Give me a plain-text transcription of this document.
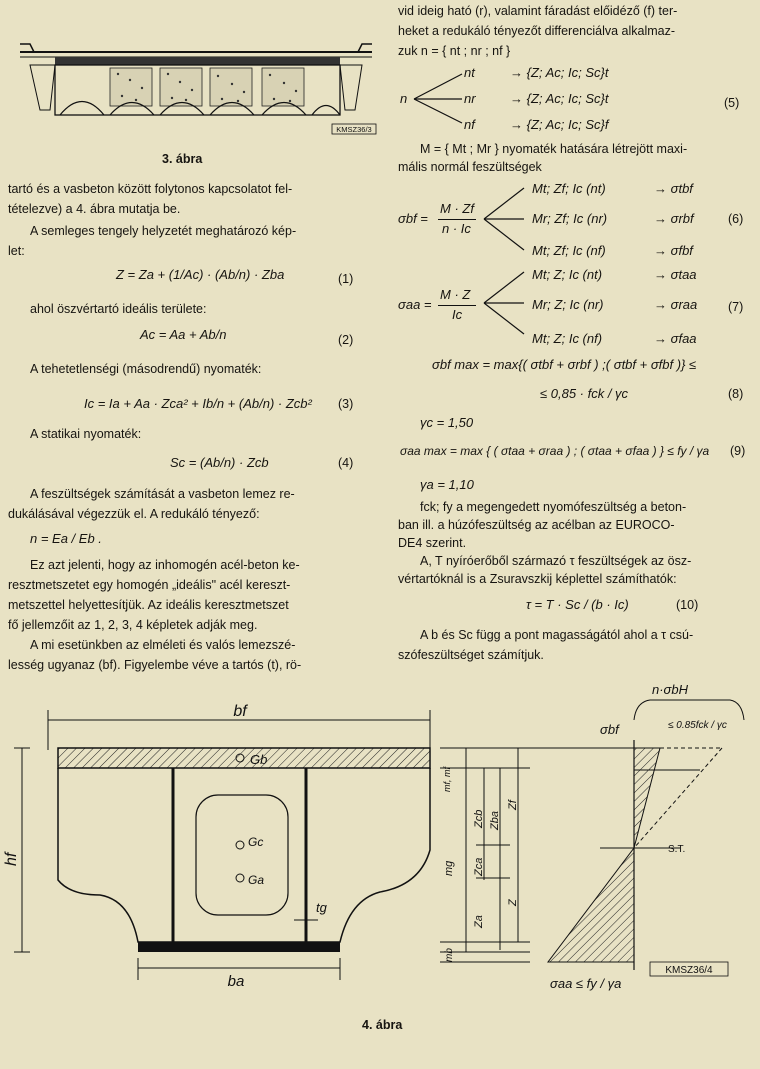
KMSZ36/3
3. ábra
tartó és a vasbeton között folytonos kapcsolatot fel-
tételezve) a 4. ábra mutatja be.
A semleges tengely helyzetét meghatározó kép-
let:
Z = Za + (1/Ac) · (Ab/n) · Zba	(1)
ahol öszvértartó ideális területe:
Ac = Aa + Ab/n	(2)
A tehetetlenségi (másodrendű) nyomaték:
Ic = Ia + Aa · Zca² + Ib/n + (Ab/n) · Zcb² (3)
A statikai nyomaték:
Sc = (Ab/n) · Zcb	(4)
A feszültségek számítását a vasbeton lemez re-
dukálásával végezzük el. A redukáló tényező:
n = Ea / Eb .
Ez azt jelenti, hogy az inhomogén acél-beton ke-
resztmetszetet egy homogén „ideális" acél kereszt-
metszettel helyettesítjük. Az ideális keresztmetszet
fő jellemzőit az 1, 2, 3, 4 képletek adják meg.
A mi esetünkben az elméleti és valós lemezszé-
lesség ugyanaz (bf). Figyelembe véve a tartós (t), rö-
vid ideig ható (r), valamint fáradást előidéző (f) ter-
heket a redukáló tényezőt differenciálva alkalmaz-
zuk n = { nt ; nr ; nf }
n
nt
nr
nf
→ {Z; Ac; Ic; Sc}t
→ {Z; Ac; Ic; Sc}t
→ {Z; Ac; Ic; Sc}f
(5)
M = { Mt ; Mr } nyomaték hatására létrejött maxi-
mális normál feszültségek
σbf =
M · Zf
n · Ic
Mt; Zf; Ic (nt)
Mr; Zf; Ic (nr)
Mt; Zf; Ic (nf)
→ σtbf
→ σrbf
→ σfbf
(6)
σaa =
M · Z
Ic
Mt; Z; Ic (nt)
Mr; Z; Ic (nr)
Mt; Z; Ic (nf)
→ σtaa
→ σraa
→ σfaa
(7)
σbf max = max{( σtbf + σrbf ) ;( σtbf + σfbf )} ≤
≤ 0,85 · fck / γc	(8)
γc = 1,50
σaa max = max { ( σtaa + σraa ) ; ( σtaa + σfaa ) } ≤ fy / γa (9)
γa = 1,10
fck; fy a megengedett nyomófeszültség a beton-
ban ill. a húzófeszültség az acélban az EUROCO-
DE4 szerint.
A, T nyíróerőből származó τ feszültségek az ösz-
vértartóknál is a Zsuravszkij képlettel számíthatók:
τ = T · Sc / (b · Ic)	(10)
A b és Sc függ a pont magasságától ahol a τ csú-
szófeszültséget számítjuk.
bf
Gb
Gc
Ga
tg
ba
hf
mf, mf
Zcb Zba
Zca
Za
Zf
Z
mg
mb
S.T.
n·σbH
σbf	≤ 0.85fck / γc
σaa ≤ fy / γa
KMSZ36/4
4. ábra
